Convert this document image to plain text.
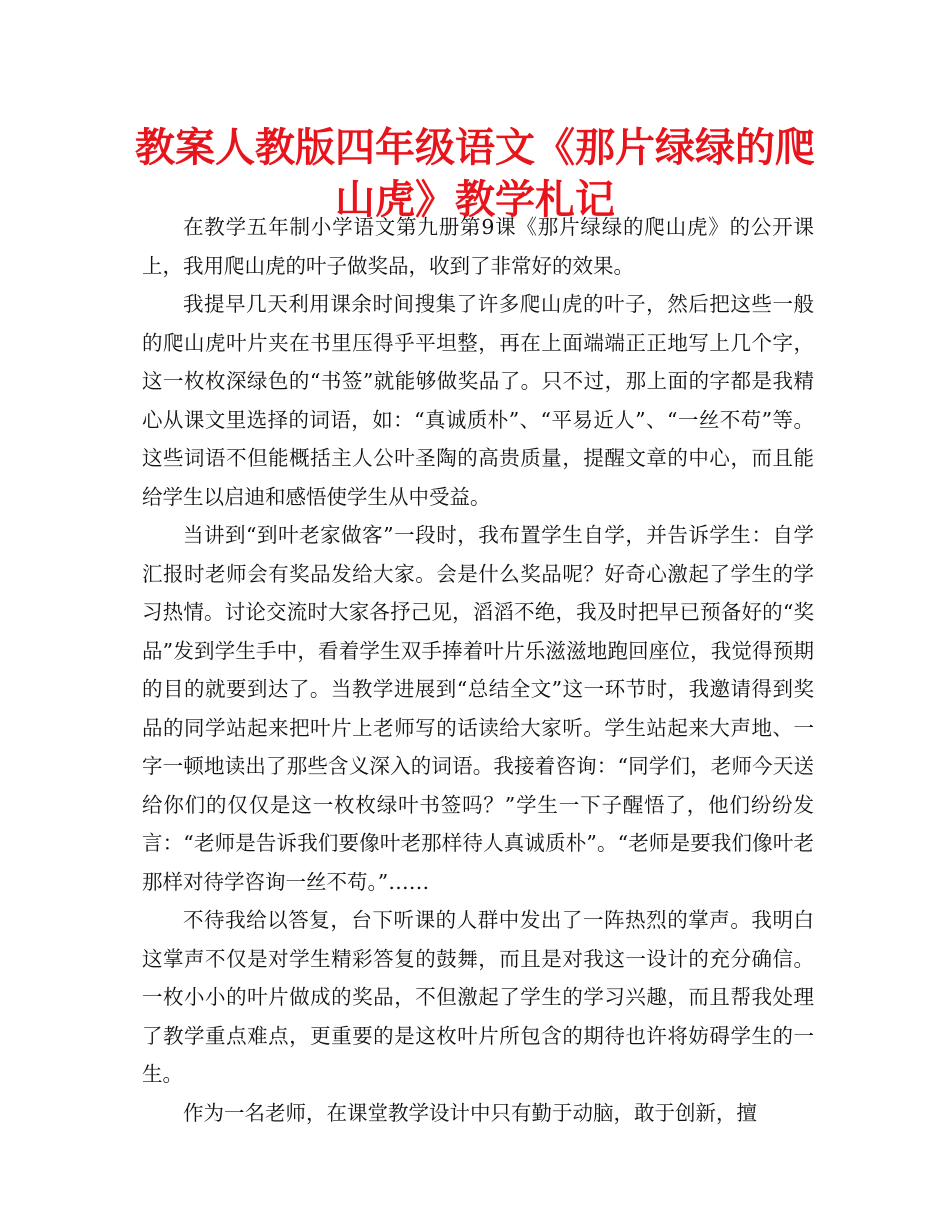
教案人教版四年级语文《那片绿绿的爬山虎》教学札记

在教学五年制小学语文第九册第9课《那片绿绿的爬山虎》的公开课上，我用爬山虎的叶子做奖品，收到了非常好的效果。

我提早几天利用课余时间搜集了许多爬山虎的叶子，然后把这些一般的爬山虎叶片夹在书里压得乎平坦整，再在上面端端正正地写上几个字，这一枚枚深绿色的“书签”就能够做奖品了。只不过，那上面的字都是我精心从课文里选择的词语，如：“真诚质朴”、“平易近人”、“一丝不苟”等。这些词语不但能概括主人公叶圣陶的高贵质量，提醒文章的中心，而且能给学生以启迪和感悟使学生从中受益。

当讲到“到叶老家做客”一段时，我布置学生自学，并告诉学生：自学汇报时老师会有奖品发给大家。会是什么奖品呢？好奇心激起了学生的学习热情。讨论交流时大家各抒己见，滔滔不绝，我及时把早已预备好的“奖品”发到学生手中，看着学生双手捧着叶片乐滋滋地跑回座位，我觉得预期的目的就要到达了。当教学进展到“总结全文”这一环节时，我邀请得到奖品的同学站起来把叶片上老师写的话读给大家听。学生站起来大声地、一字一顿地读出了那些含义深入的词语。我接着咨询：“同学们，老师今天送给你们的仅仅是这一枚枚绿叶书签吗？”学生一下子醒悟了，他们纷纷发言：“老师是告诉我们要像叶老那样待人真诚质朴”。“老师是要我们像叶老那样对待学咨询一丝不苟。”……

不待我给以答复，台下听课的人群中发出了一阵热烈的掌声。我明白这掌声不仅是对学生精彩答复的鼓舞，而且是对我这一设计的充分确信。一枚小小的叶片做成的奖品，不但激起了学生的学习兴趣，而且帮我处理了教学重点难点，更重要的是这枚叶片所包含的期待也许将妨碍学生的一生。

作为一名老师，在课堂教学设计中只有勤于动脑，敢于创新，擅
